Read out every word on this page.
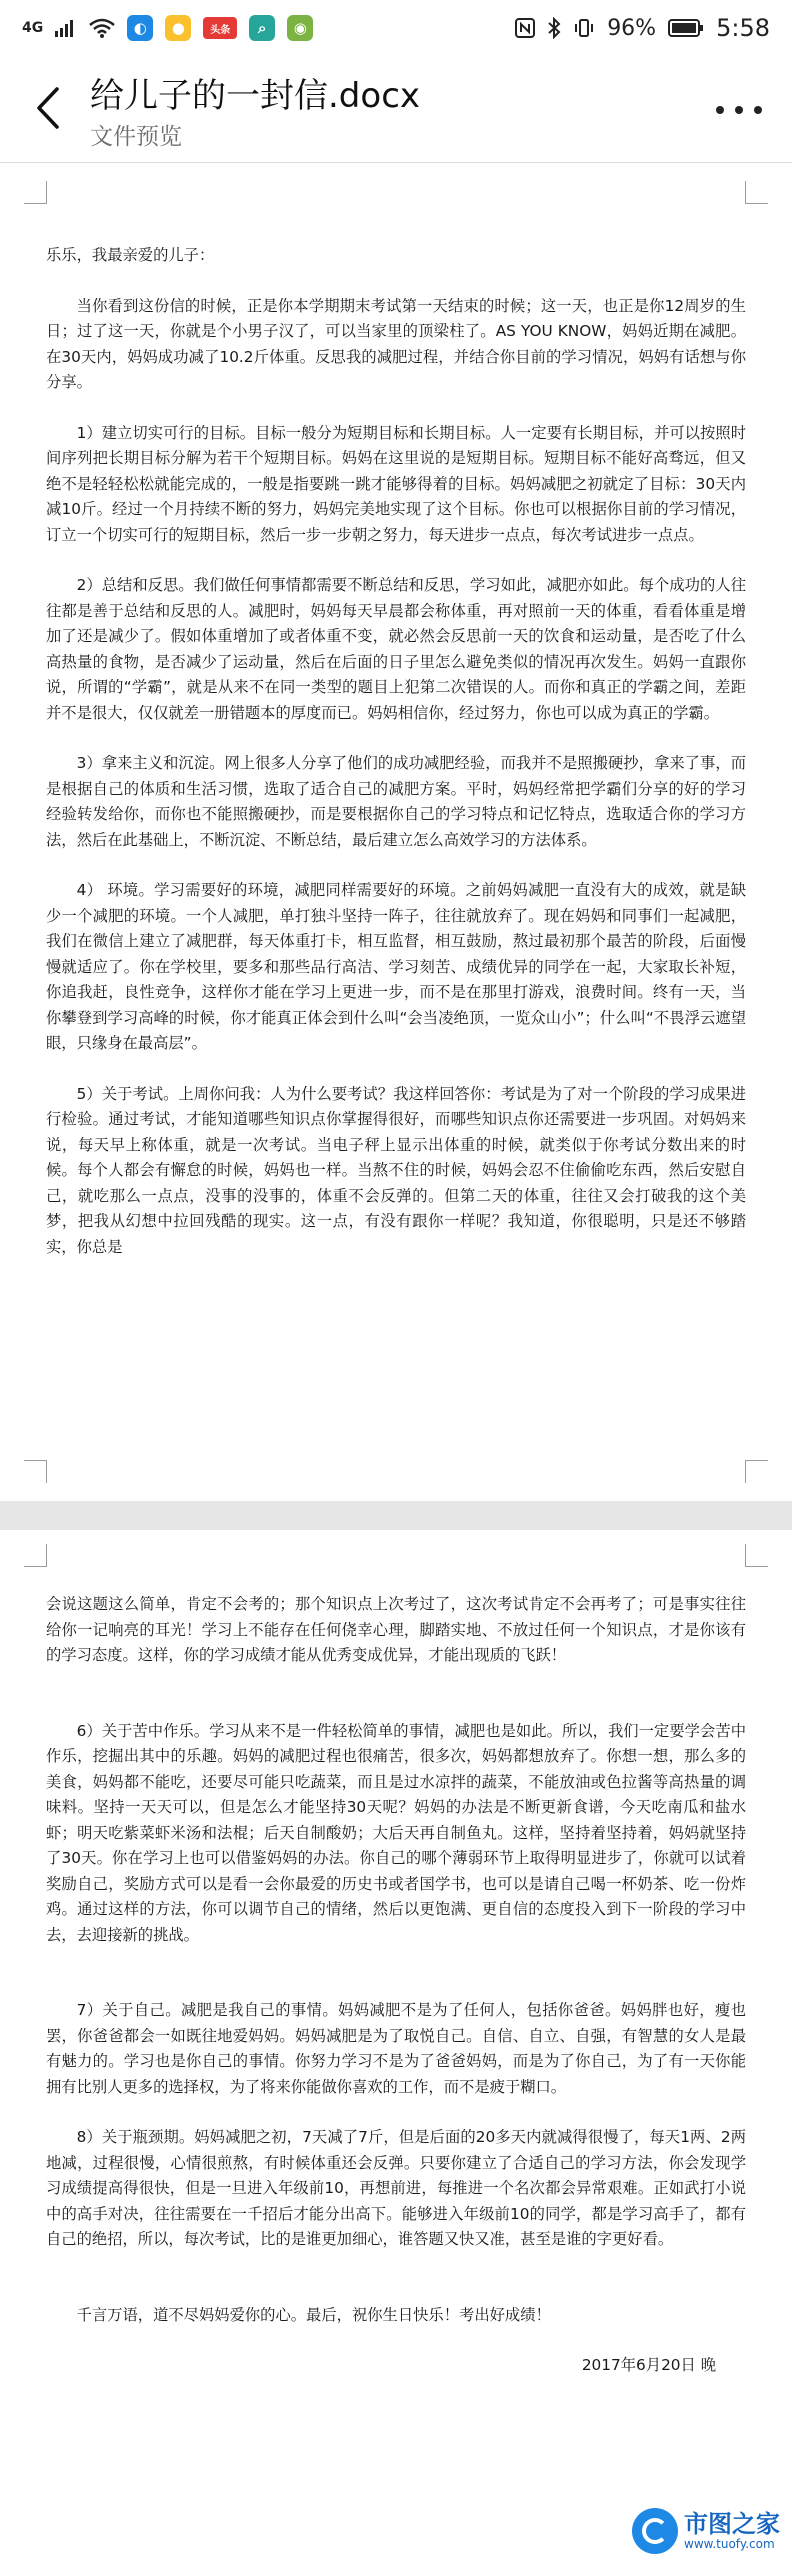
4G	◐	●	头条	⌕	◉	96%	5:58
给儿子的一封信.docx
文件预览

乐乐，我最亲爱的儿子：

当你看到这份信的时候，正是你本学期期末考试第一天结束的时候；这一天，也正是你12周岁的生日；过了这一天，你就是个小男子汉了，可以当家里的顶梁柱了。AS YOU KNOW，妈妈近期在减肥。在30天内，妈妈成功减了10.2斤体重。反思我的减肥过程，并结合你目前的学习情况，妈妈有话想与你分享。

1）建立切实可行的目标。目标一般分为短期目标和长期目标。人一定要有长期目标，并可以按照时间序列把长期目标分解为若干个短期目标。妈妈在这里说的是短期目标。短期目标不能好高骛远，但又绝不是轻轻松松就能完成的，一般是指要跳一跳才能够得着的目标。妈妈减肥之初就定了目标：30天内减10斤。经过一个月持续不断的努力，妈妈完美地实现了这个目标。你也可以根据你目前的学习情况，订立一个切实可行的短期目标，然后一步一步朝之努力，每天进步一点点，每次考试进步一点点。

2）总结和反思。我们做任何事情都需要不断总结和反思，学习如此，减肥亦如此。每个成功的人往往都是善于总结和反思的人。减肥时，妈妈每天早晨都会称体重，再对照前一天的体重，看看体重是增加了还是减少了。假如体重增加了或者体重不变，就必然会反思前一天的饮食和运动量，是否吃了什么高热量的食物，是否减少了运动量，然后在后面的日子里怎么避免类似的情况再次发生。妈妈一直跟你说，所谓的“学霸”，就是从来不在同一类型的题目上犯第二次错误的人。而你和真正的学霸之间，差距并不是很大，仅仅就差一册错题本的厚度而已。妈妈相信你，经过努力，你也可以成为真正的学霸。

3）拿来主义和沉淀。网上很多人分享了他们的成功减肥经验，而我并不是照搬硬抄，拿来了事，而是根据自己的体质和生活习惯，选取了适合自己的减肥方案。平时，妈妈经常把学霸们分享的好的学习经验转发给你，而你也不能照搬硬抄，而是要根据你自己的学习特点和记忆特点，选取适合你的学习方法，然后在此基础上，不断沉淀、不断总结，最后建立怎么高效学习的方法体系。

4） 环境。学习需要好的环境，减肥同样需要好的环境。之前妈妈减肥一直没有大的成效，就是缺少一个减肥的环境。一个人减肥，单打独斗坚持一阵子，往往就放弃了。现在妈妈和同事们一起减肥，我们在微信上建立了减肥群，每天体重打卡，相互监督，相互鼓励，熬过最初那个最苦的阶段，后面慢慢就适应了。你在学校里，要多和那些品行高洁、学习刻苦、成绩优异的同学在一起，大家取长补短，你追我赶，良性竞争，这样你才能在学习上更进一步，而不是在那里打游戏，浪费时间。终有一天，当你攀登到学习高峰的时候，你才能真正体会到什么叫“会当凌绝顶，一览众山小”；什么叫“不畏浮云遮望眼，只缘身在最高层”。

5）关于考试。上周你问我：人为什么要考试？我这样回答你：考试是为了对一个阶段的学习成果进行检验。通过考试，才能知道哪些知识点你掌握得很好，而哪些知识点你还需要进一步巩固。对妈妈来说，每天早上称体重，就是一次考试。当电子秤上显示出体重的时候，就类似于你考试分数出来的时候。每个人都会有懈怠的时候，妈妈也一样。当熬不住的时候，妈妈会忍不住偷偷吃东西，然后安慰自己，就吃那么一点点，没事的没事的，体重不会反弹的。但第二天的体重，往往又会打破我的这个美梦，把我从幻想中拉回残酷的现实。这一点，有没有跟你一样呢？我知道，你很聪明，只是还不够踏实，你总是

会说这题这么简单，肯定不会考的；那个知识点上次考过了，这次考试肯定不会再考了；可是事实往往给你一记响亮的耳光！学习上不能存在任何侥幸心理，脚踏实地、不放过任何一个知识点，才是你该有的学习态度。这样，你的学习成绩才能从优秀变成优异，才能出现质的飞跃！

6）关于苦中作乐。学习从来不是一件轻松简单的事情，减肥也是如此。所以，我们一定要学会苦中作乐，挖掘出其中的乐趣。妈妈的减肥过程也很痛苦，很多次，妈妈都想放弃了。你想一想，那么多的美食，妈妈都不能吃，还要尽可能只吃蔬菜，而且是过水凉拌的蔬菜，不能放油或色拉酱等高热量的调味料。坚持一天天可以，但是怎么才能坚持30天呢？妈妈的办法是不断更新食谱，今天吃南瓜和盐水虾；明天吃紫菜虾米汤和法棍；后天自制酸奶；大后天再自制鱼丸。这样，坚持着坚持着，妈妈就坚持了30天。你在学习上也可以借鉴妈妈的办法。你自己的哪个薄弱环节上取得明显进步了，你就可以试着奖励自己，奖励方式可以是看一会你最爱的历史书或者国学书，也可以是请自己喝一杯奶茶、吃一份炸鸡。通过这样的方法，你可以调节自己的情绪，然后以更饱满、更自信的态度投入到下一阶段的学习中去，去迎接新的挑战。

7）关于自己。减肥是我自己的事情。妈妈减肥不是为了任何人，包括你爸爸。妈妈胖也好，瘦也罢，你爸爸都会一如既往地爱妈妈。妈妈减肥是为了取悦自己。自信、自立、自强，有智慧的女人是最有魅力的。学习也是你自己的事情。你努力学习不是为了爸爸妈妈，而是为了你自己，为了有一天你能拥有比别人更多的选择权，为了将来你能做你喜欢的工作，而不是疲于糊口。

8）关于瓶颈期。妈妈减肥之初，7天减了7斤，但是后面的20多天内就减得很慢了，每天1两、2两地减，过程很慢，心情很煎熬，有时候体重还会反弹。只要你建立了合适自己的学习方法，你会发现学习成绩提高得很快，但是一旦进入年级前10，再想前进，每推进一个名次都会异常艰难。正如武打小说中的高手对决，往往需要在一千招后才能分出高下。能够进入年级前10的同学，都是学习高手了，都有自己的绝招，所以，每次考试，比的是谁更加细心，谁答题又快又准，甚至是谁的字更好看。

千言万语，道不尽妈妈爱你的心。最后，祝你生日快乐！考出好成绩！

2017年6月20日 晚

市图之家
www.tuofy.com
